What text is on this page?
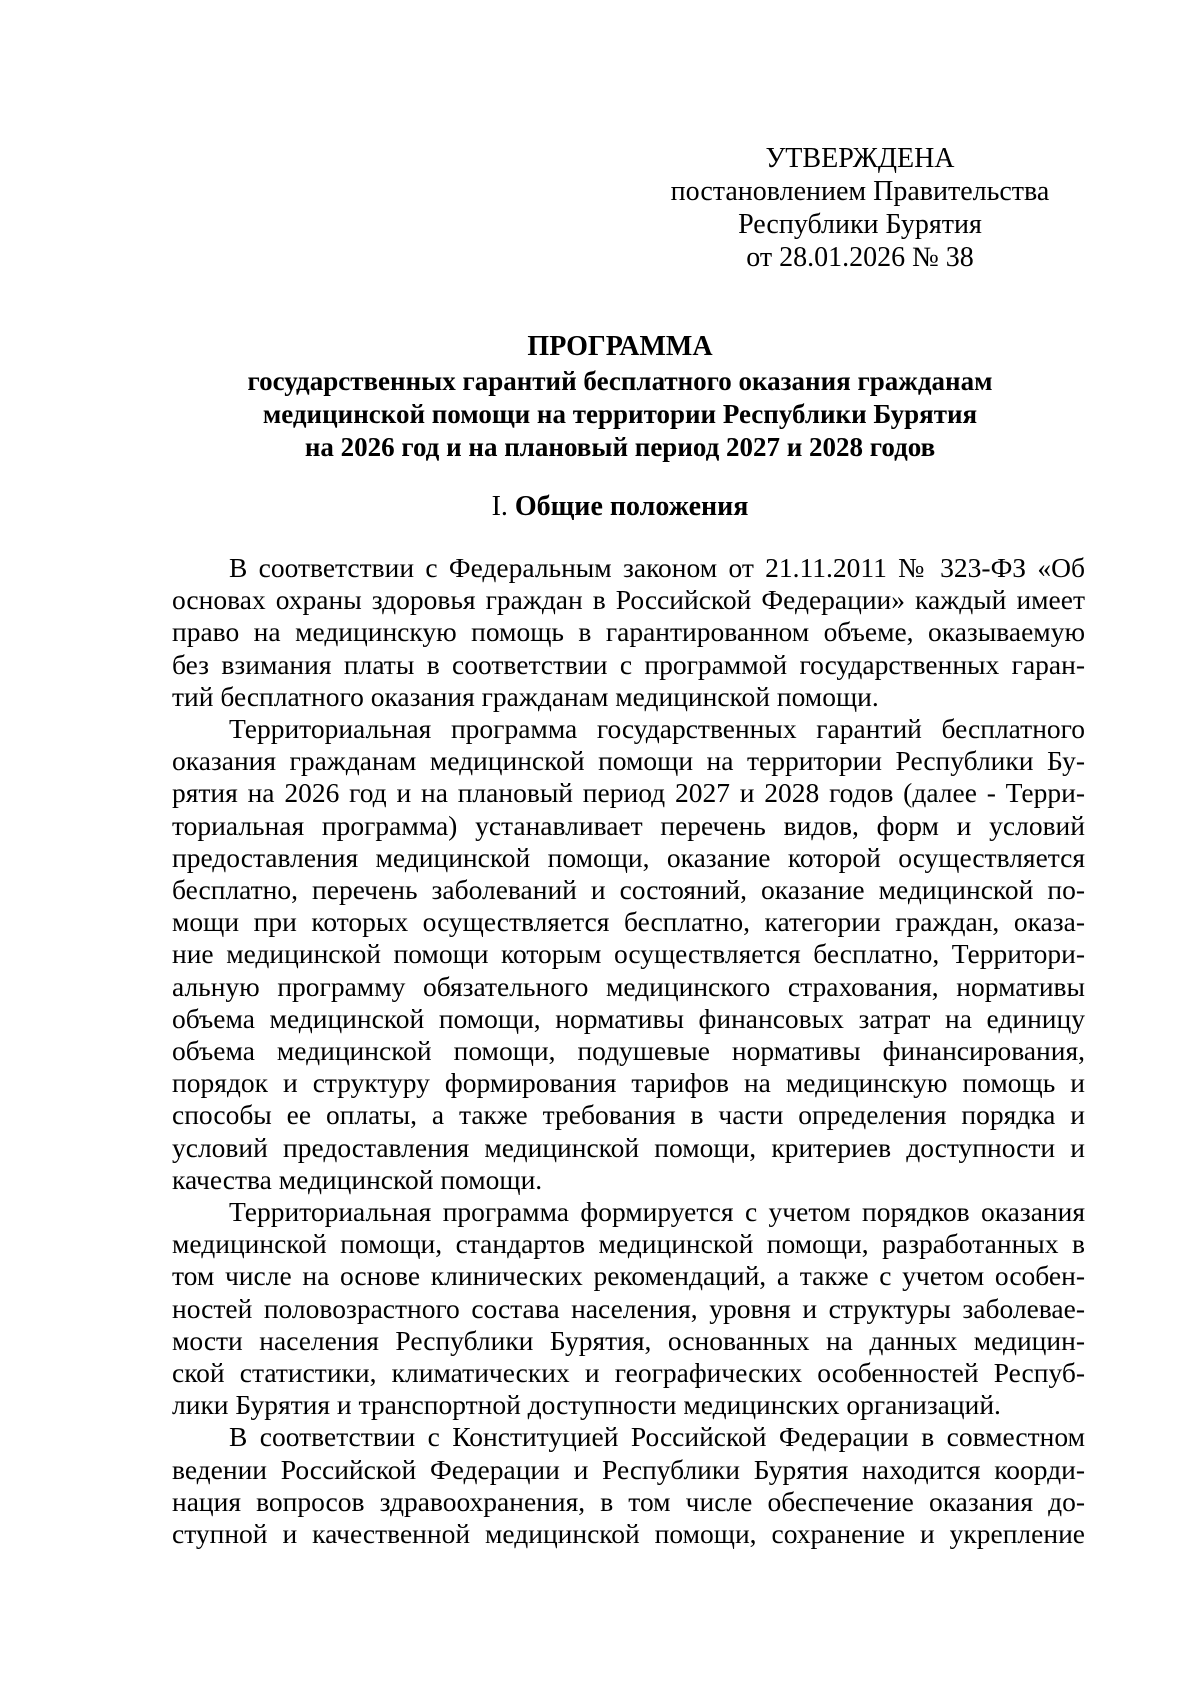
УТВЕРЖДЕНА
постановлением Правительства
Республики Бурятия
от 28.01.2026 № 38
ПРОГРАММА
государственных гарантий бесплатного оказания гражданам
медицинской помощи на территории Республики Бурятия
на 2026 год и на плановый период 2027 и 2028 годов
I. Общие положения
В соответствии с Федеральным законом от 21.11.2011 № 323-ФЗ «Об
основах охраны здоровья граждан в Российской Федерации» каждый имеет
право на медицинскую помощь в гарантированном объеме, оказываемую
без взимания платы в соответствии с программой государственных гаран-
тий бесплатного оказания гражданам медицинской помощи.
Территориальная программа государственных гарантий бесплатного
оказания гражданам медицинской помощи на территории Республики Бу-
рятия на 2026 год и на плановый период 2027 и 2028 годов (далее - Терри-
ториальная программа) устанавливает перечень видов, форм и условий
предоставления медицинской помощи, оказание которой осуществляется
бесплатно, перечень заболеваний и состояний, оказание медицинской по-
мощи при которых осуществляется бесплатно, категории граждан, оказа-
ние медицинской помощи которым осуществляется бесплатно, Территори-
альную программу обязательного медицинского страхования, нормативы
объема медицинской помощи, нормативы финансовых затрат на единицу
объема медицинской помощи, подушевые нормативы финансирования,
порядок и структуру формирования тарифов на медицинскую помощь и
способы ее оплаты, а также требования в части определения порядка и
условий предоставления медицинской помощи, критериев доступности и
качества медицинской помощи.
Территориальная программа формируется с учетом порядков оказания
медицинской помощи, стандартов медицинской помощи, разработанных в
том числе на основе клинических рекомендаций, а также с учетом особен-
ностей половозрастного состава населения, уровня и структуры заболевае-
мости населения Республики Бурятия, основанных на данных медицин-
ской статистики, климатических и географических особенностей Респуб-
лики Бурятия и транспортной доступности медицинских организаций.
В соответствии с Конституцией Российской Федерации в совместном
ведении Российской Федерации и Республики Бурятия находится коорди-
нация вопросов здравоохранения, в том числе обеспечение оказания до-
ступной и качественной медицинской помощи, сохранение и укрепление
